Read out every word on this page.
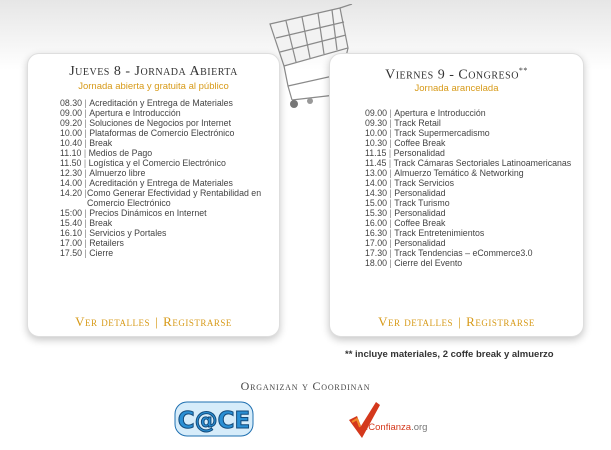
Jueves 8 - Jornada Abierta
Jornada abierta y gratuita al público
08.30 | Acreditación y Entrega de Materiales
09.00 | Apertura e Introducción
09.20 | Soluciones de Negocios por Internet
10.00 | Plataformas de Comercio Electrónico
10.40 | Break
11.10 | Medios de Pago
11.50 | Logística y el Comercio Electrónico
12.30 | Almuerzo libre
14.00 | Acreditación y Entrega de Materiales
14.20 |
Como Generar Efectividad y Rentabilidad en Comercio Electrónico
15:00 | Precios Dinámicos en Internet
15.40 | Break
16.10 | Servicios y Portales
17.00 | Retailers
17.50 | Cierre
Ver detalles | Registrarse
Viernes 9 - Congreso**
Jornada arancelada
09.00 | Apertura e Introducción
09.30 | Track Retail
10.00 | Track Supermercadismo
10.30 | Coffee Break
11.15 | Personalidad
11.45 | Track Cámaras Sectoriales Latinoamericanas
13.00 | Almuerzo Temático & Networking
14.00 | Track Servicios
14.30 | Personalidad
15.00 | Track Turismo
15.30 | Personalidad
16.00 | Coffee Break
16.30 | Track Entretenimientos
17.00 | Personalidad
17.30 | Track Tendencias – eCommerce3.0
18.00 | Cierre del Evento
Ver detalles | Registrarse
** incluye materiales, 2 coffe break y almuerzo
Organizan y Coordinan
C@CE	eConfianza.org
